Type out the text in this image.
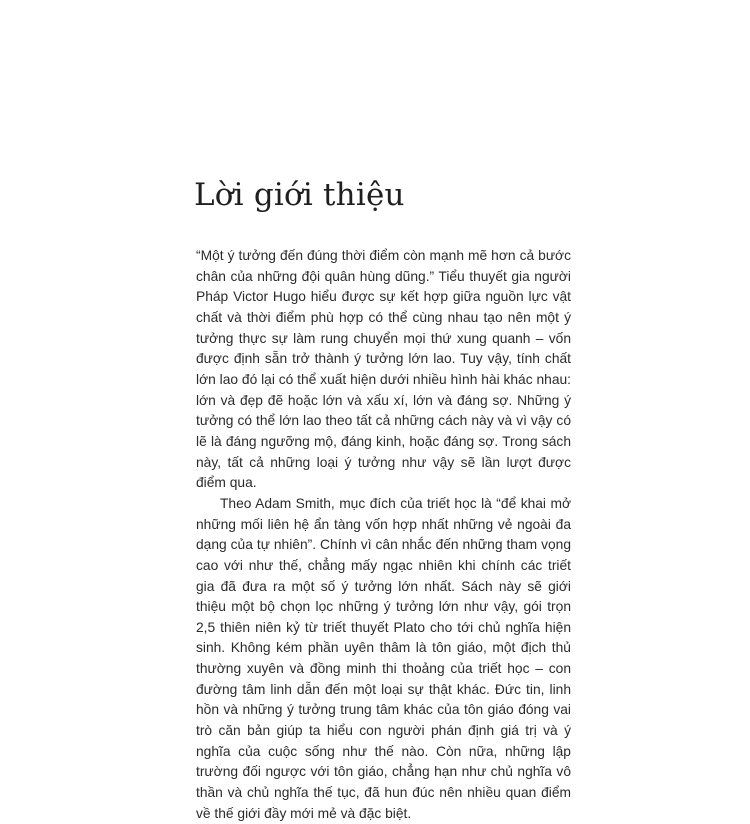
Lời giới thiệu

“Một ý tưởng đến đúng thời điểm còn mạnh mẽ hơn cả bước chân của những đội quân hùng dũng.” Tiểu thuyết gia người Pháp Victor Hugo hiểu được sự kết hợp giữa nguồn lực vật chất và thời điểm phù hợp có thể cùng nhau tạo nên một ý tưởng thực sự làm rung chuyển mọi thứ xung quanh – vốn được định sẵn trở thành ý tưởng lớn lao. Tuy vậy, tính chất lớn lao đó lại có thể xuất hiện dưới nhiều hình hài khác nhau: lớn và đẹp đẽ hoặc lớn và xấu xí, lớn và đáng sợ. Những ý tưởng có thể lớn lao theo tất cả những cách này và vì vậy có lẽ là đáng ngưỡng mộ, đáng kinh, hoặc đáng sợ. Trong sách này, tất cả những loại ý tưởng như vậy sẽ lần lượt được điểm qua.

Theo Adam Smith, mục đích của triết học là “để khai mở những mối liên hệ ẩn tàng vốn hợp nhất những vẻ ngoài đa dạng của tự nhiên”. Chính vì cân nhắc đến những tham vọng cao với như thế, chẳng mấy ngạc nhiên khi chính các triết gia đã đưa ra một số ý tưởng lớn nhất. Sách này sẽ giới thiệu một bộ chọn lọc những ý tưởng lớn như vậy, gói trọn 2,5 thiên niên kỷ từ triết thuyết Plato cho tới chủ nghĩa hiện sinh. Không kém phần uyên thâm là tôn giáo, một địch thủ thường xuyên và đồng minh thi thoảng của triết học – con đường tâm linh dẫn đến một loại sự thật khác. Đức tin, linh hồn và những ý tưởng trung tâm khác của tôn giáo đóng vai trò căn bản giúp ta hiểu con người phán định giá trị và ý nghĩa của cuộc sống như thế nào. Còn nữa, những lập trường đối ngược với tôn giáo, chẳng hạn như chủ nghĩa vô thần và chủ nghĩa thế tục, đã hun đúc nên nhiều quan điểm về thế giới đầy mới mẻ và đặc biệt.
